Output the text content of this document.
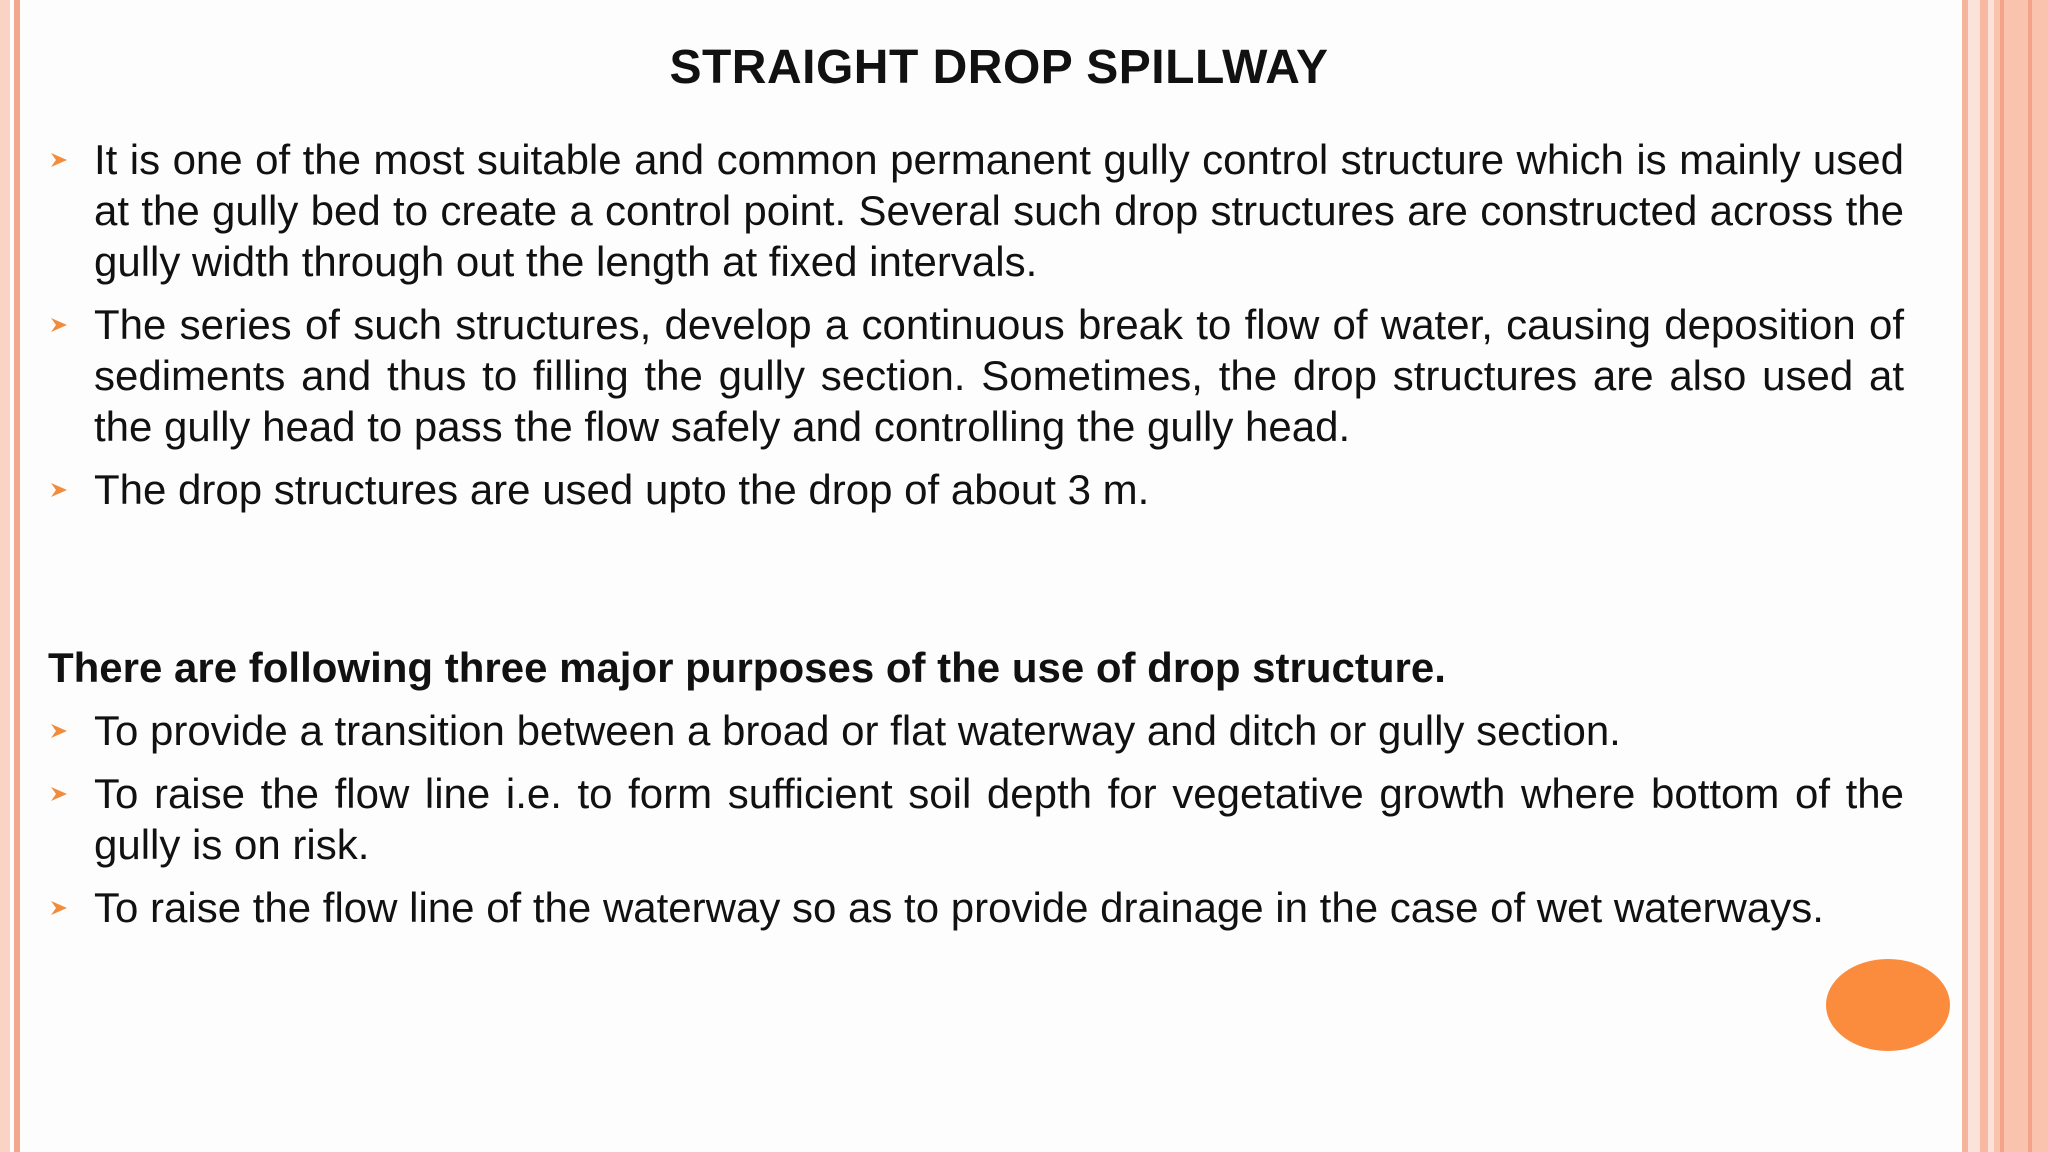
STRAIGHT DROP SPILLWAY
It is one of the most suitable and common permanent gully control structure which is mainly used at the gully bed to create a control point. Several such drop structures are constructed across the gully width through out the length at fixed intervals.
The series of such structures, develop a continuous break to flow of water, causing deposition of sediments and thus to filling the gully section. Sometimes, the drop structures are also used at the gully head to pass the flow safely and controlling the gully head.
The drop structures are used upto the drop of about 3 m.
There are following three major purposes of the use of drop structure.
To provide a transition between a broad or flat waterway and ditch or gully section.
To raise the flow line i.e. to form sufficient soil depth for vegetative growth where bottom of the gully is on risk.
To raise the flow line of the waterway so as to provide drainage in the case of wet waterways.
